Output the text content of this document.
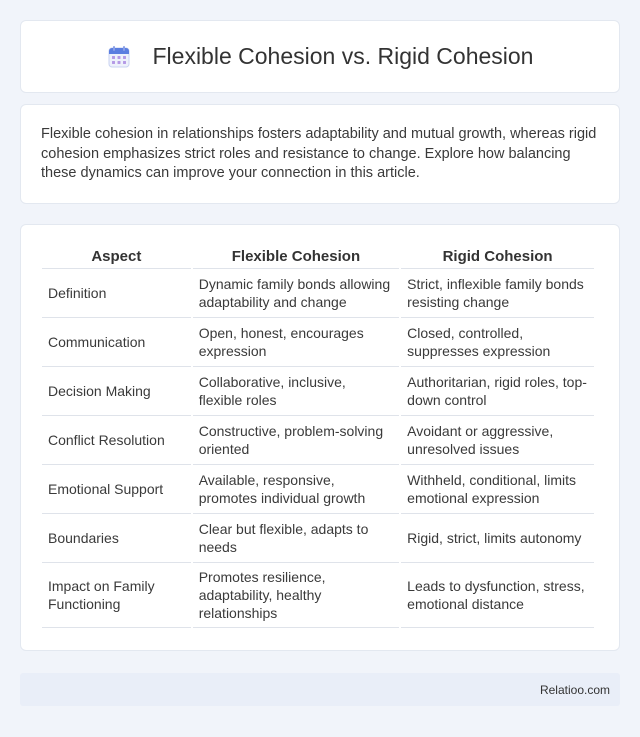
Flexible Cohesion vs. Rigid Cohesion

Flexible cohesion in relationships fosters adaptability and mutual growth, whereas rigid cohesion emphasizes strict roles and resistance to change. Explore how balancing these dynamics can improve your connection in this article.

Aspect	Flexible Cohesion	Rigid Cohesion
Definition	Dynamic family bonds allowing adaptability and change	Strict, inflexible family bonds resisting change
Communication	Open, honest, encourages expression	Closed, controlled, suppresses expression
Decision Making	Collaborative, inclusive, flexible roles	Authoritarian, rigid roles, top-down control
Conflict Resolution	Constructive, problem-solving oriented	Avoidant or aggressive, unresolved issues
Emotional Support	Available, responsive, promotes individual growth	Withheld, conditional, limits emotional expression
Boundaries	Clear but flexible, adapts to needs	Rigid, strict, limits autonomy
Impact on Family Functioning	Promotes resilience, adaptability, healthy relationships	Leads to dysfunction, stress, emotional distance
Relatioo.com
